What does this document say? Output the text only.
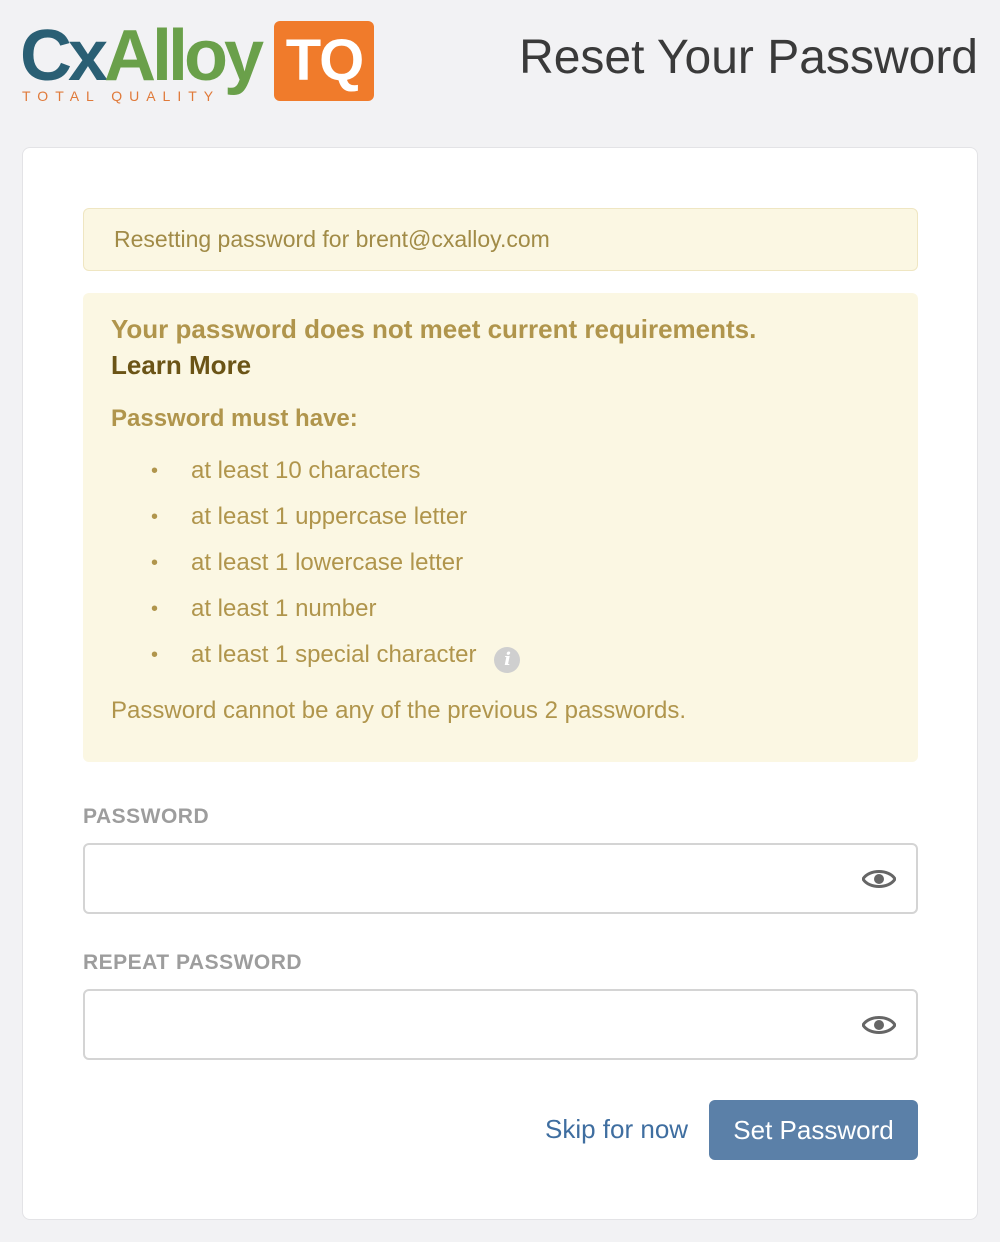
CxAlloy TQ
TOTAL QUALITY
Reset Your Password
Resetting password for brent@cxalloy.com

Your password does not meet current requirements.

Learn More
Password must have:
• at least 10 characters
• at least 1 uppercase letter
• at least 1 lowercase letter
• at least 1 number
• at least 1 special character i
Password cannot be any of the previous 2 passwords.
PASSWORD
REPEAT PASSWORD
Skip for now	Set Password
